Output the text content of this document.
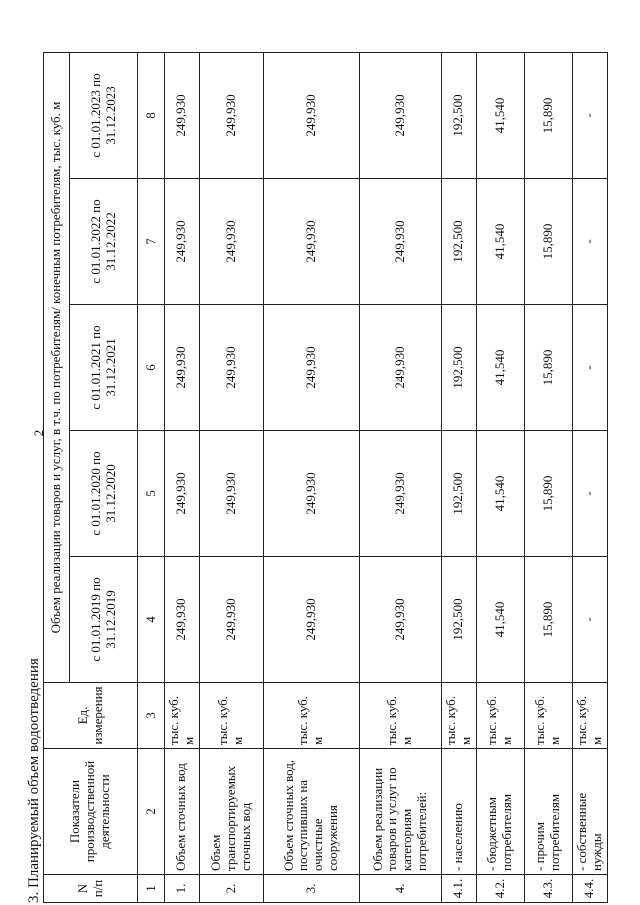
2
3. Планируемый объем водоотведения	N п/п	Показатели производственной деятельности	Ед. измерения	Объем реализации товаров и услуг, в т.ч. по потребителям/ конечным потребителям, тыс. куб. м				
			с 01.01.2019 по 31.12.2019	с 01.01.2020 по 31.12.2020	с 01.01.2021 по 31.12.2021	с 01.01.2022 по 31.12.2022	с 01.01.2023 по 31.12.2023
1	2	3	4	5	6	7	8
1.	Объем сточных вод	тыс. куб. м	249,930	249,930	249,930	249,930	249,930
2.	Объем транспортируемых сточных вод	тыс. куб. м	249,930	249,930	249,930	249,930	249,930
3.	Объем сточных вод, поступивших на очистные сооружения	тыс. куб. м	249,930	249,930	249,930	249,930	249,930
4.	Объем реализации товаров и услуг по категориям потребителей:	тыс. куб. м	249,930	249,930	249,930	249,930	249,930
4.1.	- населению	тыс. куб. м	192,500	192,500	192,500	192,500	192,500
4.2.	- бюджетным потребителям	тыс. куб. м	41,540	41,540	41,540	41,540	41,540
4.3.	- прочим потребителям	тыс. куб. м	15,890	15,890	15,890	15,890	15,890
4.4.	- собственные нужды	тыс. куб. м	-	-	-	-	-
